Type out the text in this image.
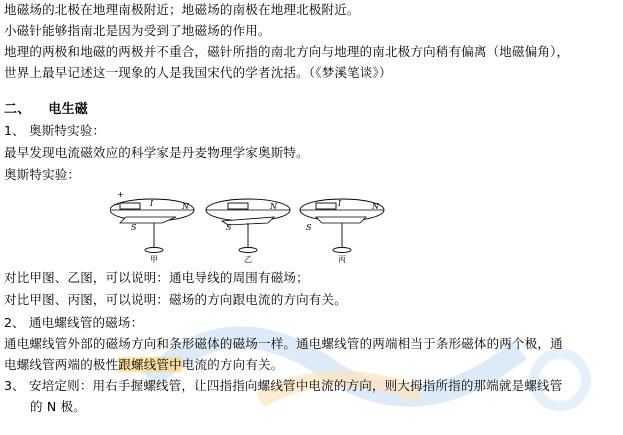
地磁场的北极在地理南极附近；地磁场的南极在地理北极附近。
小磁针能够指南北是因为受到了地磁场的作用。
地理的两极和地磁的两极并不重合，磁针所指的南北方向与地理的南北极方向稍有偏离（地磁偏角），
世界上最早记述这一现象的人是我国宋代的学者沈括。（《梦溪笔谈》）
二、 电生磁
1、 奥斯特实验：
最早发现电流磁效应的科学家是丹麦物理学家奥斯特。
奥斯特实验：
+
−	I	N
S
甲
N
S
乙
I
S
N
丙
对比甲图、乙图，可以说明：通电导线的周围有磁场；
对比甲图、丙图，可以说明：磁场的方向跟电流的方向有关。
2、 通电螺线管的磁场：
通电螺线管外部的磁场方向和条形磁体的磁场一样。通电螺线管的两端相当于条形磁体的两个极，通
电螺线管两端的极性跟螺线管中电流的方向有关。
3、 安培定则：用右手握螺线管，让四指指向螺线管中电流的方向，则大拇指所指的那端就是螺线管
的 N 极。
